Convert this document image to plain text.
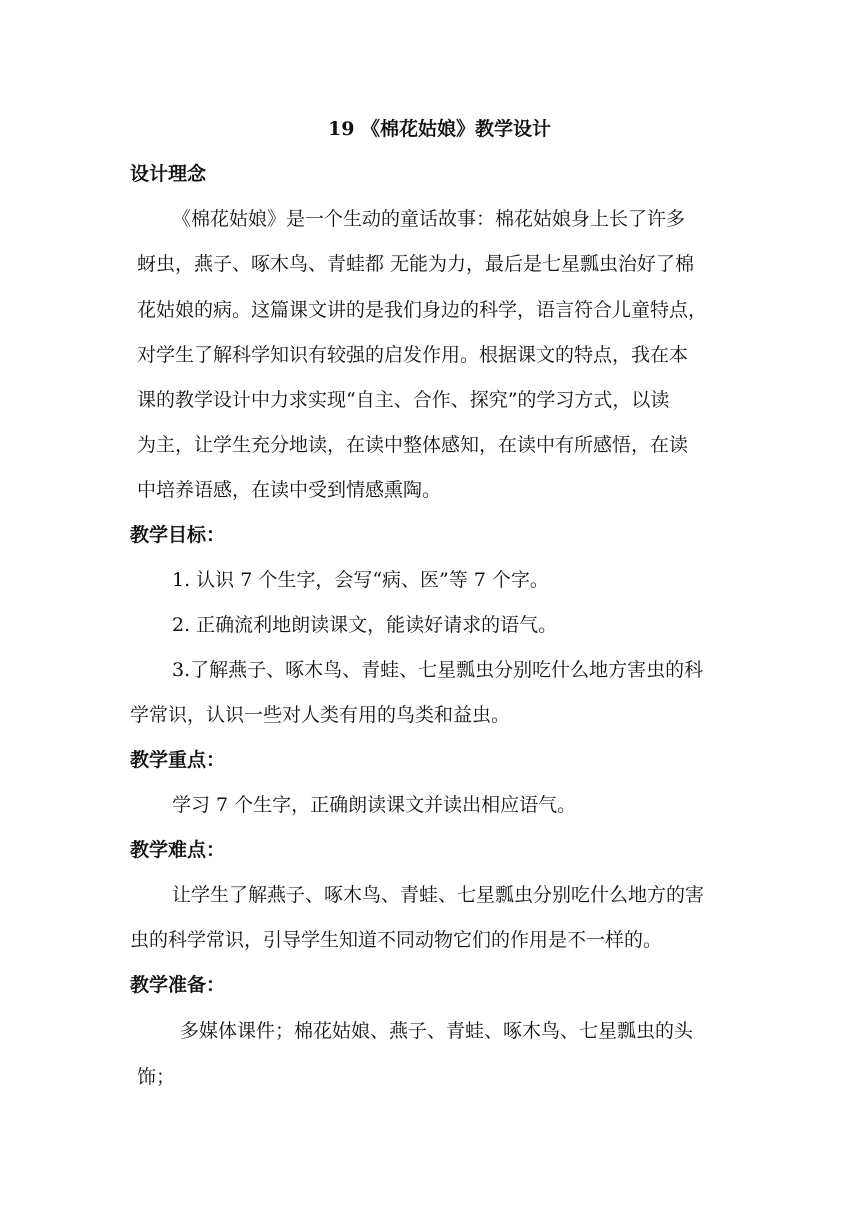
19 《棉花姑娘》教学设计
设计理念
《棉花姑娘》是一个生动的童话故事：棉花姑娘身上长了许多
蚜虫，燕子、啄木鸟、青蛙都 无能为力，最后是七星瓢虫治好了棉
花姑娘的病。这篇课文讲的是我们身边的科学，语言符合儿童特点，
对学生了解科学知识有较强的启发作用。根据课文的特点，我在本
课的教学设计中力求实现“自主、合作、探究”的学习方式，以读
为主，让学生充分地读，在读中整体感知，在读中有所感悟，在读
中培养语感，在读中受到情感熏陶。
教学目标：
1. 认识 7 个生字，会写“病、医”等 7 个字。
2. 正确流利地朗读课文，能读好请求的语气。
3.了解燕子、啄木鸟、青蛙、七星瓢虫分别吃什么地方害虫的科
学常识，认识一些对人类有用的鸟类和益虫。
教学重点：
学习 7 个生字，正确朗读课文并读出相应语气。
教学难点：
让学生了解燕子、啄木鸟、青蛙、七星瓢虫分别吃什么地方的害
虫的科学常识，引导学生知道不同动物它们的作用是不一样的。
教学准备：
多媒体课件；棉花姑娘、燕子、青蛙、啄木鸟、七星瓢虫的头
饰；
